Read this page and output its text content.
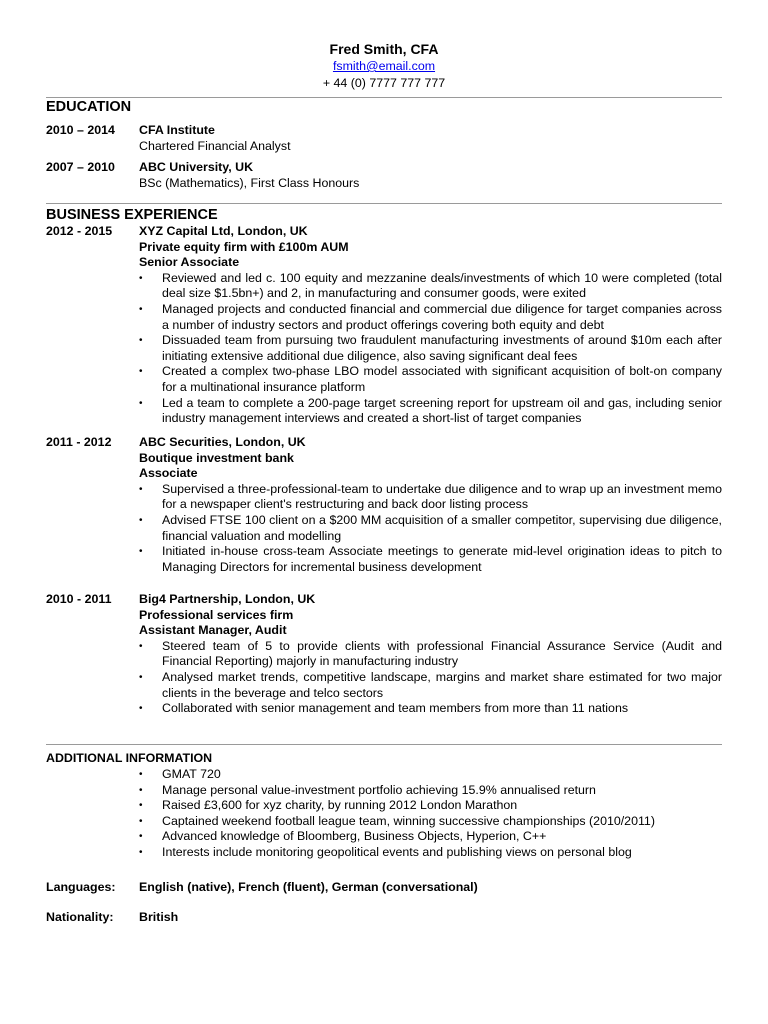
Fred Smith, CFA
fsmith@email.com
+ 44 (0) 7777 777 777
EDUCATION
2010 – 2014	CFA Institute
Chartered Financial Analyst
2007 – 2010	ABC University, UK
BSc (Mathematics), First Class Honours
BUSINESS EXPERIENCE
2012 - 2015	XYZ Capital Ltd, London, UK
Private equity firm with £100m AUM
Senior Associate
• Reviewed and led c. 100 equity and mezzanine deals/investments of which 10 were completed (total deal size $1.5bn+) and 2, in manufacturing and consumer goods, were exited
• Managed projects and conducted financial and commercial due diligence for target companies across a number of industry sectors and product offerings covering both equity and debt
• Dissuaded team from pursuing two fraudulent manufacturing investments of around $10m each after initiating extensive additional due diligence, also saving significant deal fees
• Created a complex two-phase LBO model associated with significant acquisition of bolt-on company for a multinational insurance platform
• Led a team to complete a 200-page target screening report for upstream oil and gas, including senior industry management interviews and created a short-list of target companies
2011 - 2012	ABC Securities, London, UK
Boutique investment bank
Associate
• Supervised a three-professional-team to undertake due diligence and to wrap up an investment memo for a newspaper client's restructuring and back door listing process
• Advised FTSE 100 client on a $200 MM acquisition of a smaller competitor, supervising due diligence, financial valuation and modelling
• Initiated in-house cross-team Associate meetings to generate mid-level origination ideas to pitch to Managing Directors for incremental business development
2010 - 2011	Big4 Partnership, London, UK
Professional services firm
Assistant Manager, Audit
• Steered team of 5 to provide clients with professional Financial Assurance Service (Audit and Financial Reporting) majorly in manufacturing industry
• Analysed market trends, competitive landscape, margins and market share estimated for two major clients in the beverage and telco sectors
• Collaborated with senior management and team members from more than 11 nations
ADDITIONAL INFORMATION
• GMAT 720
• Manage personal value-investment portfolio achieving 15.9% annualised return
• Raised £3,600 for xyz charity, by running 2012 London Marathon
• Captained weekend football league team, winning successive championships (2010/2011)
• Advanced knowledge of Bloomberg, Business Objects, Hyperion, C++
• Interests include monitoring geopolitical events and publishing views on personal blog
Languages: English (native), French (fluent), German (conversational)
Nationality: British
